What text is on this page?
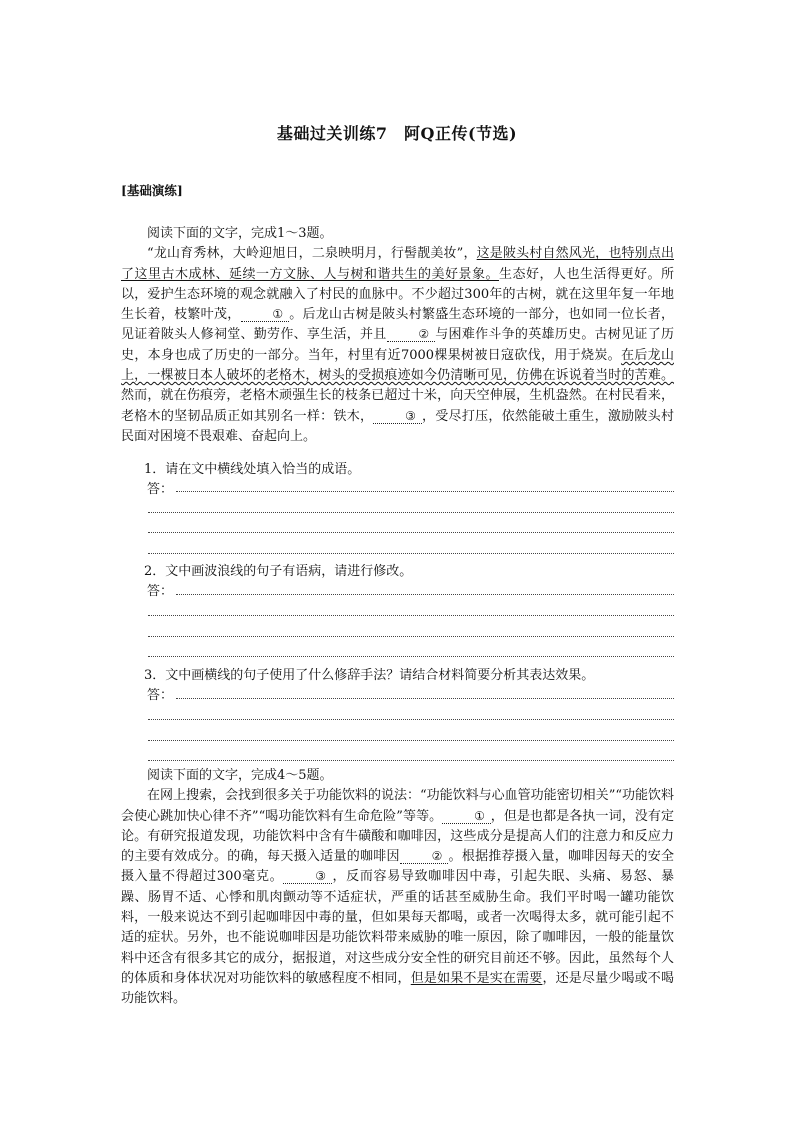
基础过关训练7　阿Q正传(节选)
[基础演练]

阅读下面的文字，完成1～3题。

“龙山育秀林，大岭迎旭日，二泉映明月，行髻靓美妆”，这是陂头村自然风光，也特别点出了这里古木成林、延续一方文脉、人与树和谐共生的美好景象。生态好，人也生活得更好。所以，爱护生态环境的观念就融入了村民的血脉中。不少超过300年的古树，就在这里年复一年地生长着，枝繁叶茂，	① 。后龙山古树是陂头村繁盛生态环境的一部分，也如同一位长者，见证着陂头人修祠堂、勤劳作、享生活，并且	② 与困难作斗争的英雄历史。古树见证了历史，本身也成了历史的一部分。当年，村里有近7000棵果树被日寇砍伐，用于烧炭。在后龙山上，一棵被日本人破坏的老格木，树头的受损痕迹如今仍清晰可见，仿佛在诉说着当时的苦难。然而，就在伤痕旁，老格木顽强生长的枝条已超过十米，向天空伸展，生机盎然。在村民看来，老格木的坚韧品质正如其别名一样：铁木，	③ ，受尽打压，依然能破土重生，激励陂头村民面对困境不畏艰难、奋起向上。

1．请在文中横线处填入恰当的成语。
答：
2．文中画波浪线的句子有语病，请进行修改。
答：
3．文中画横线的句子使用了什么修辞手法？请结合材料简要分析其表达效果。
答：

阅读下面的文字，完成4～5题。

在网上搜索，会找到很多关于功能饮料的说法：“功能饮料与心血管功能密切相关”“功能饮料会使心跳加快心律不齐”“喝功能饮料有生命危险”等等。	① ，但是也都是各执一词，没有定论。有研究报道发现，功能饮料中含有牛磺酸和咖啡因，这些成分是提高人们的注意力和反应力的主要有效成分。的确，每天摄入适量的咖啡因	② 。根据推荐摄入量，咖啡因每天的安全摄入量不得超过300毫克。	③ ，反而容易导致咖啡因中毒，引起失眠、头痛、易怒、暴躁、肠胃不适、心悸和肌肉颤动等不适症状，严重的话甚至威胁生命。我们平时喝一罐功能饮料，一般来说达不到引起咖啡因中毒的量，但如果每天都喝，或者一次喝得太多，就可能引起不适的症状。另外，也不能说咖啡因是功能饮料带来威胁的唯一原因，除了咖啡因，一般的能量饮料中还含有很多其它的成分，据报道，对这些成分安全性的研究目前还不够。因此，虽然每个人的体质和身体状况对功能饮料的敏感程度不相同，但是如果不是实在需要，还是尽量少喝或不喝功能饮料。
